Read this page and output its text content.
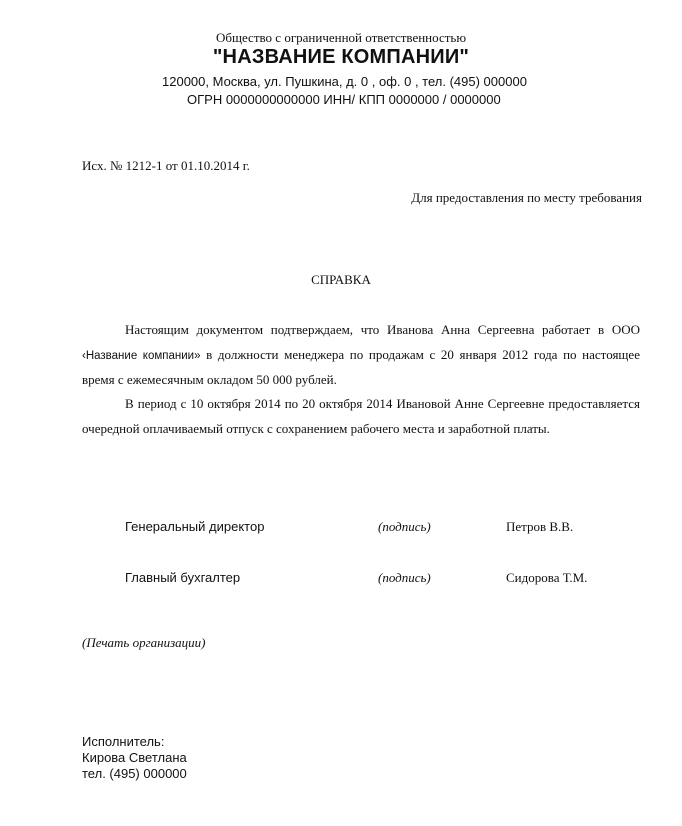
Общество с ограниченной ответственностью
"НАЗВАНИЕ КОМПАНИИ"
120000, Москва, ул. Пушкина, д. 0 , оф. 0 , тел. (495) 000000
ОГРН 0000000000000 ИНН/ КПП 0000000 / 0000000
Исх. № 1212-1 от 01.10.2014 г.
Для предоставления по месту требования
СПРАВКА

Настоящим документом подтверждаем, что Иванова Анна Сергеевна работает в ООО ‹Название компании» в должности менеджера по продажам с 20 января 2012 года по настоящее время с ежемесячным окладом 50 000 рублей.

В период с 10 октября 2014 по 20 октября 2014 Ивановой Анне Сергеевне предоставляется очередной оплачиваемый отпуск с сохранением рабочего места и заработной платы.

Генеральный директор	(подпись)	Петров В.В.
Главный бухгалтер	(подпись)	Сидорова Т.М.
(Печать организации)
Исполнитель:
Кирова Светлана
тел. (495) 000000
